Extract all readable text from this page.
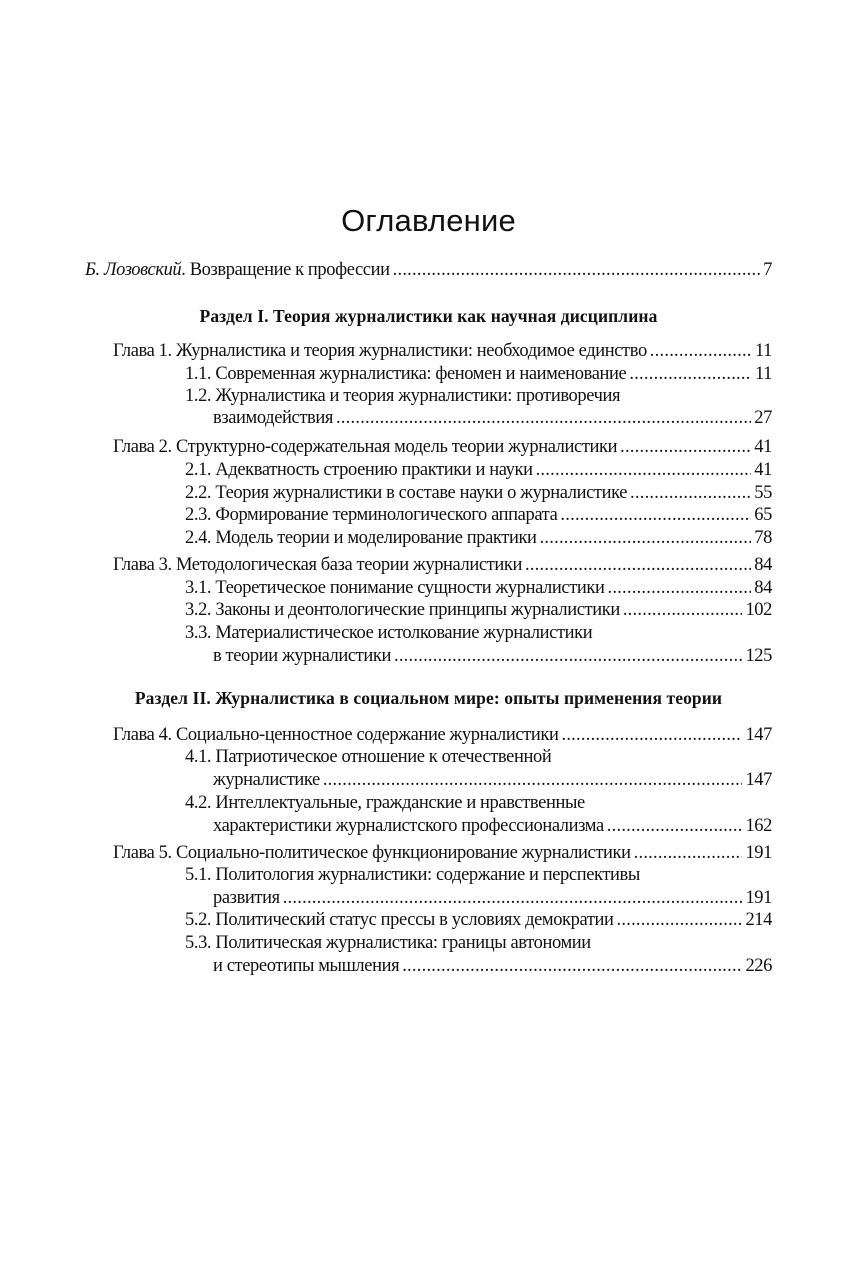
Оглавление
Б. Лозовский. Возвращение к профессии . . .	7
Раздел I. Теория журналистики как научная дисциплина
Глава 1. Журналистика и теория журналистики: необходимое единство . . .	11
1.1. Современная журналистика: феномен и наименование . . .	11
1.2. Журналистика и теория журналистики: противоречия
взаимодействия . . .	27
Глава 2. Структурно-содержательная модель теории журналистики . . .	41
2.1. Адекватность строению практики и науки . . .	41
2.2. Теория журналистики в составе науки о журналистике . . .	55
2.3. Формирование терминологического аппарата . . .	65
2.4. Модель теории и моделирование практики . . .	78
Глава 3. Методологическая база теории журналистики . . .	84
3.1. Теоретическое понимание сущности журналистики . . .	84
3.2. Законы и деонтологические принципы журналистики . . .	102
3.3. Материалистическое истолкование журналистики
в теории журналистики . . .	125
Раздел II. Журналистика в социальном мире: опыты применения теории
Глава 4. Социально-ценностное содержание журналистики . . .	147
4.1. Патриотическое отношение к отечественной
журналистике . . .	147
4.2. Интеллектуальные, гражданские и нравственные
характеристики журналистского профессионализма . . .	162
Глава 5. Социально-политическое функционирование журналистики . . .	191
5.1. Политология журналистики: содержание и перспективы
развития . . .	191
5.2. Политический статус прессы в условиях демократии . . .	214
5.3. Политическая журналистика: границы автономии
и стереотипы мышления . . .	226
